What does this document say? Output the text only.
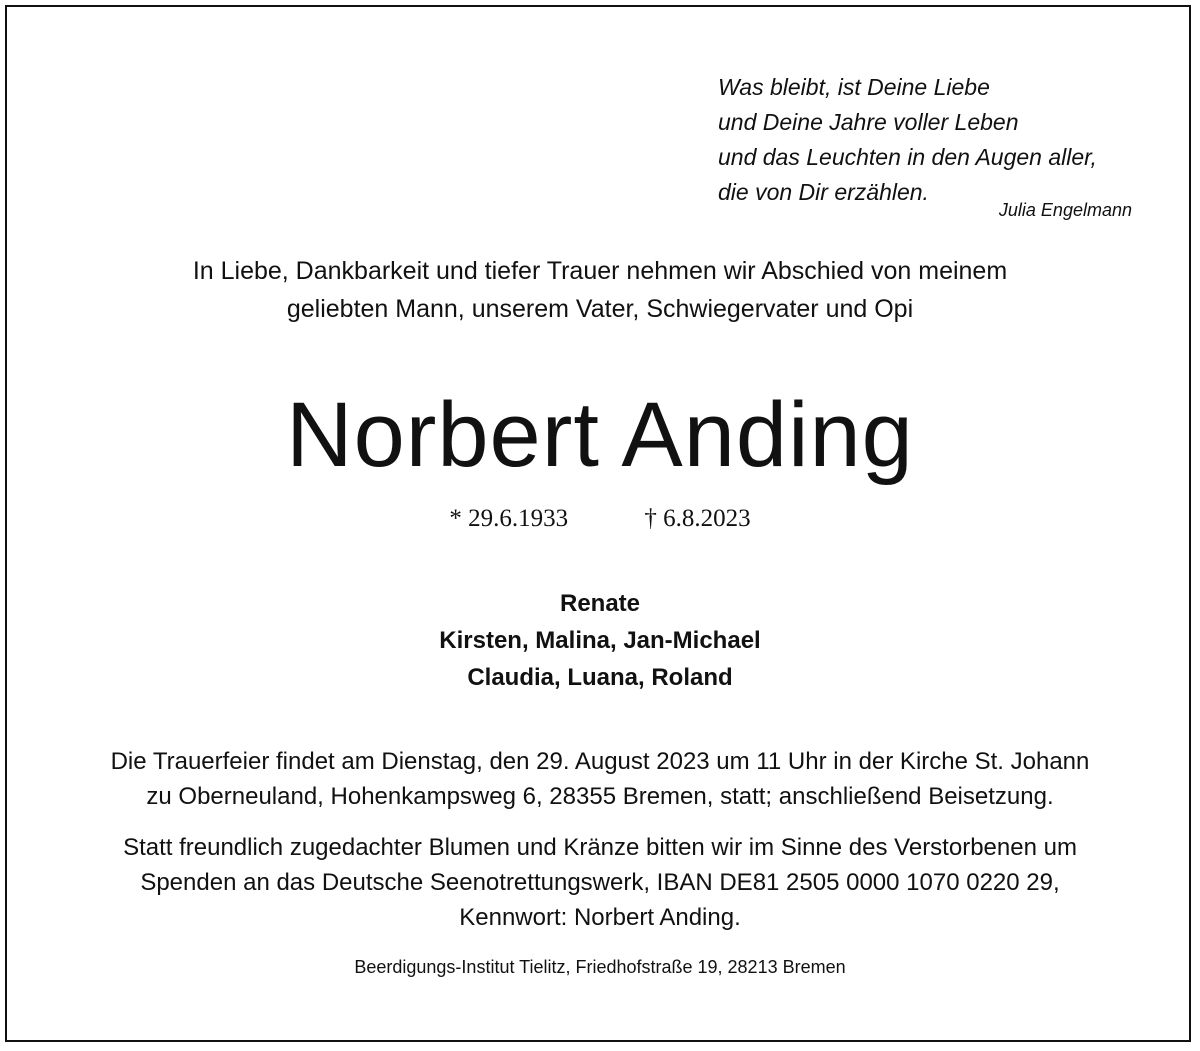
Was bleibt, ist Deine Liebe
und Deine Jahre voller Leben
und das Leuchten in den Augen aller,
die von Dir erzählen.
Julia Engelmann
In Liebe, Dankbarkeit und tiefer Trauer nehmen wir Abschied von meinem
geliebten Mann, unserem Vater, Schwiegervater und Opi
Norbert Anding
* 29.6.1933	† 6.8.2023
Renate
Kirsten, Malina, Jan-Michael
Claudia, Luana, Roland
Die Trauerfeier findet am Dienstag, den 29. August 2023 um 11 Uhr in der Kirche St. Johann
zu Oberneuland, Hohenkampsweg 6, 28355 Bremen, statt; anschließend Beisetzung.
Statt freundlich zugedachter Blumen und Kränze bitten wir im Sinne des Verstorbenen um
Spenden an das Deutsche Seenotrettungswerk, IBAN DE81 2505 0000 1070 0220 29,
Kennwort: Norbert Anding.
Beerdigungs-Institut Tielitz, Friedhofstraße 19, 28213 Bremen
